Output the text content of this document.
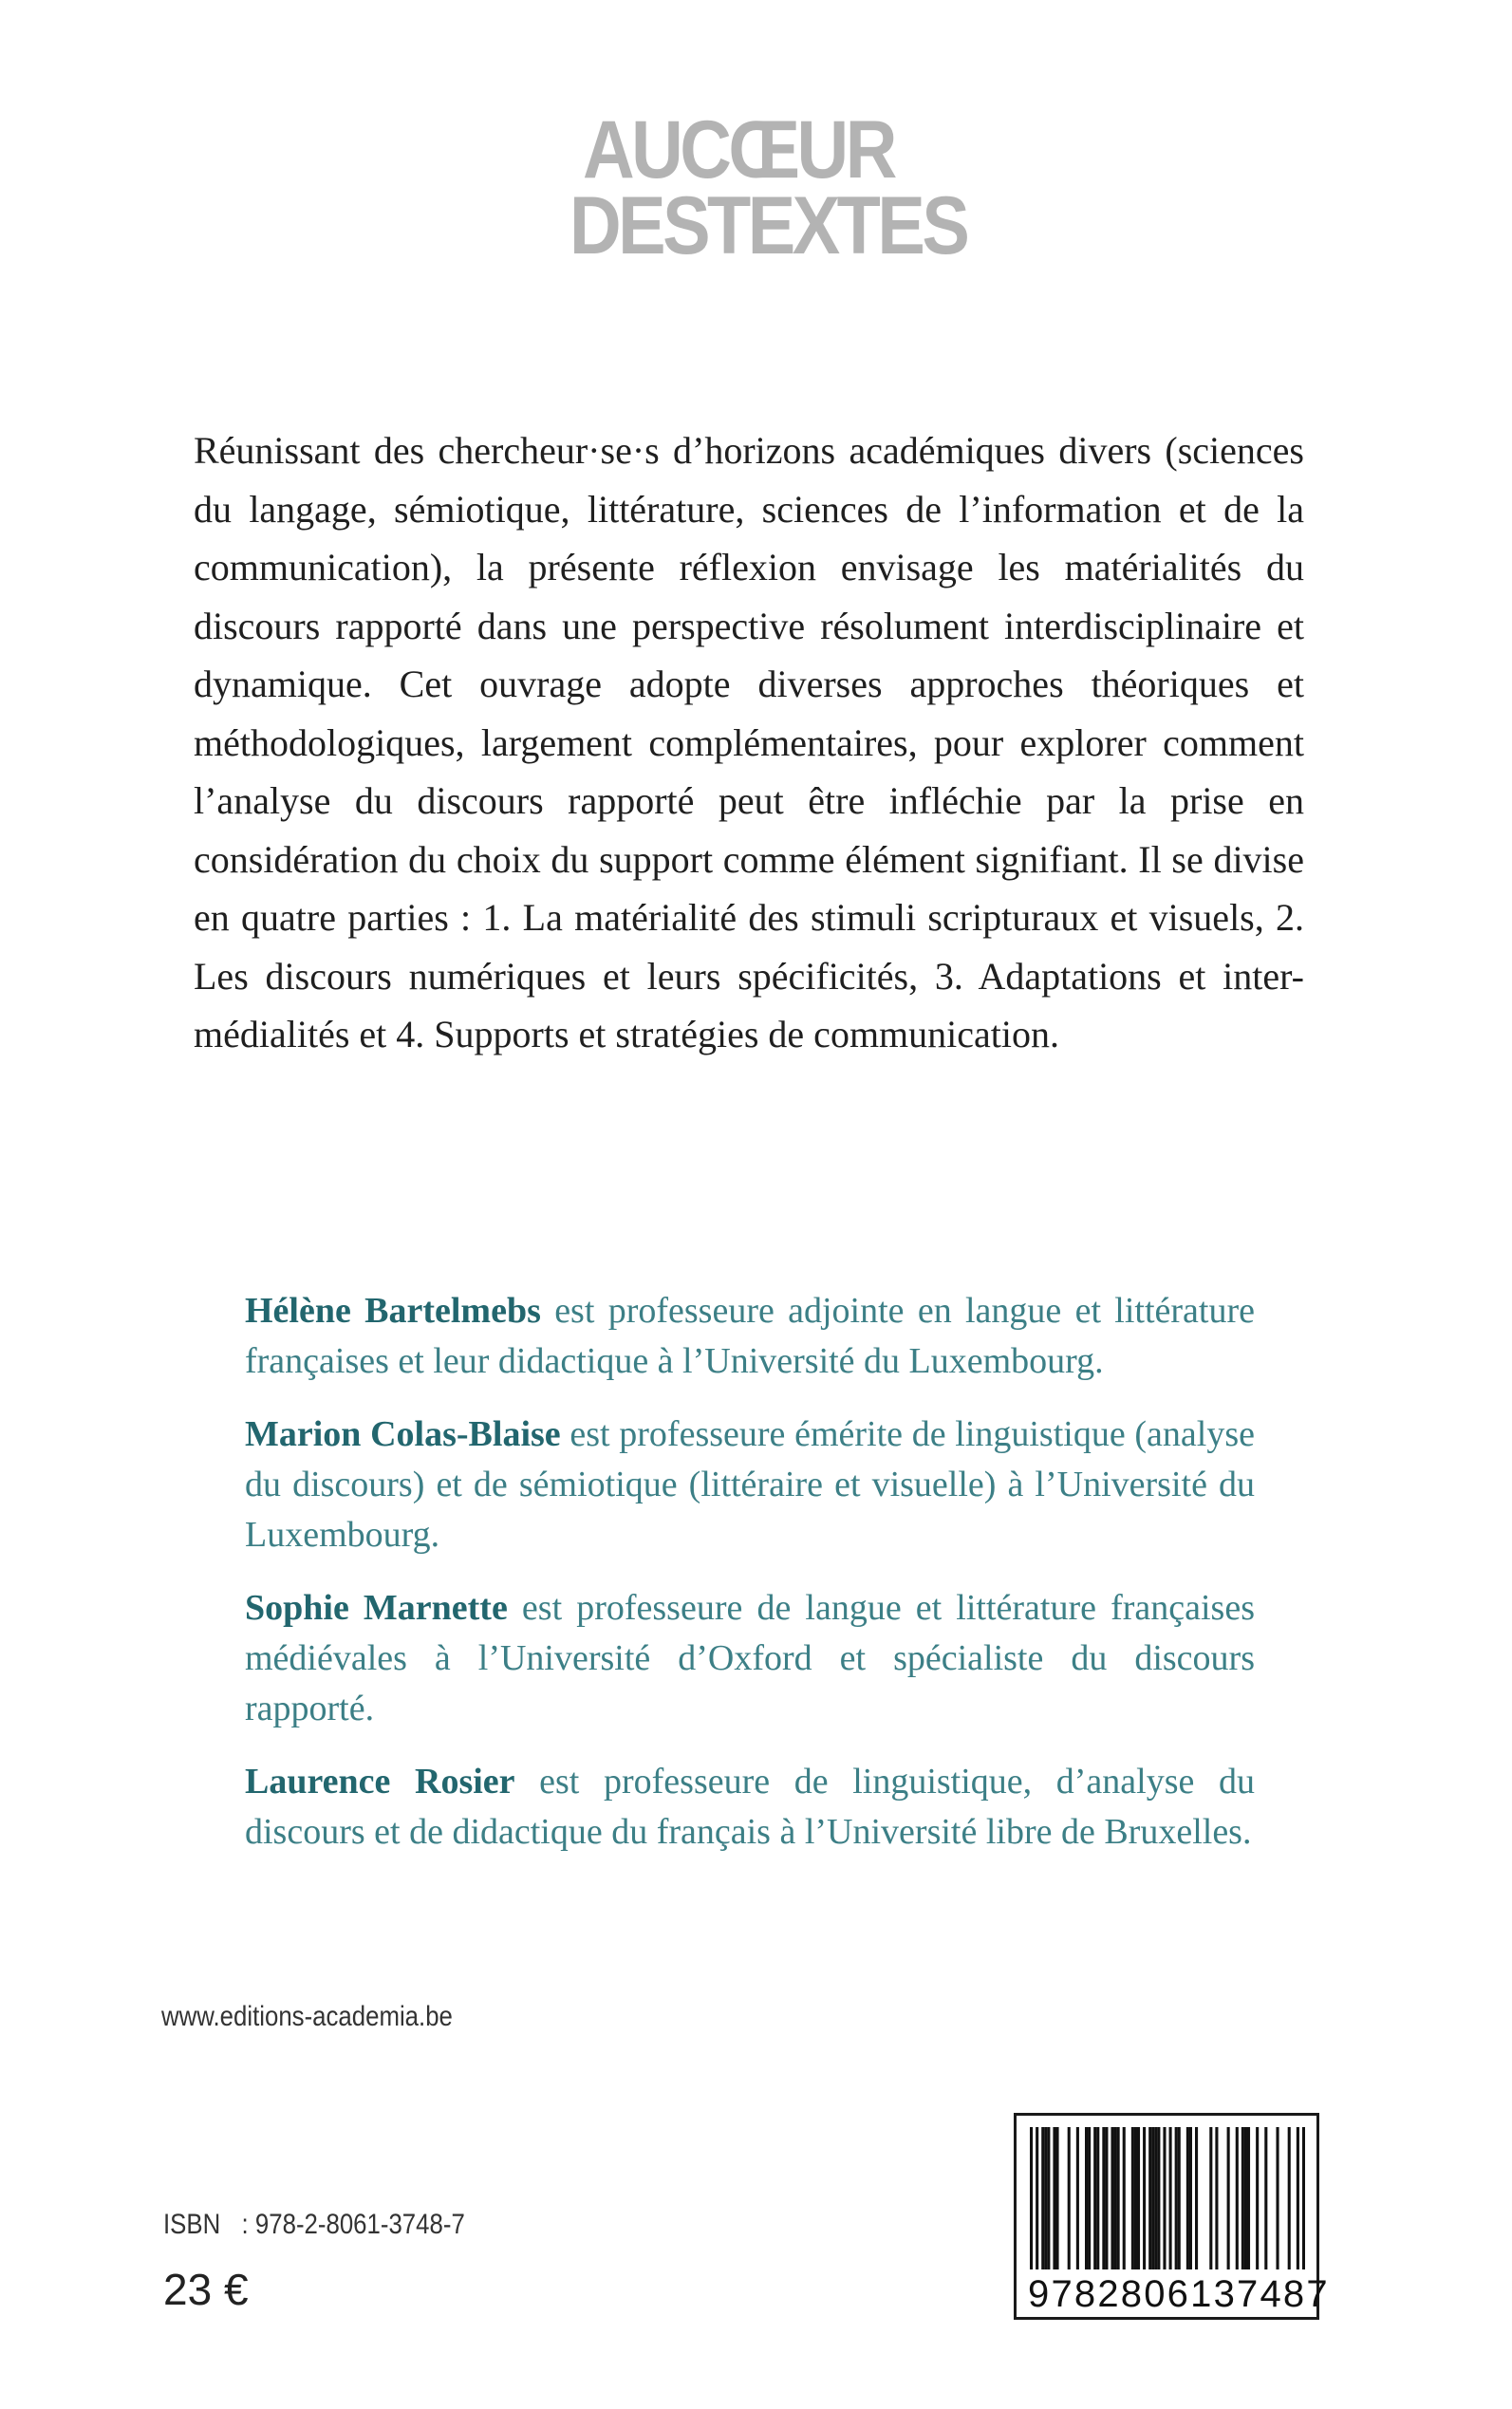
AUCŒUR
DESTEXTES

Réunissant des chercheur·se·s d’horizons académiques divers (sciences du langage, sémiotique, littérature, sciences de l’information et de la communication), la présente réflexion envisage les matérialités du discours rapporté dans une perspective résolument interdisciplinaire et dynamique. Cet ouvrage adopte diverses approches théoriques et méthodologiques, largement complémentaires, pour explorer comment l’analyse du discours rapporté peut être infléchie par la prise en considération du choix du support comme élément signifiant. Il se divise en quatre parties : 1. La matérialité des stimuli scripturaux et visuels, 2. Les discours numériques et leurs spécificités, 3. Adaptations et inter-médialités et 4. Supports et stratégies de communication.

Hélène Bartelmebs est professeure adjointe en langue et littérature françaises et leur didactique à l’Université du Luxembourg.

Marion Colas-Blaise est professeure émérite de linguistique (analyse du discours) et de sémiotique (littéraire et visuelle) à l’Université du Luxembourg.

Sophie Marnette est professeure de langue et littérature françaises médiévales à l’Université d’Oxford et spécialiste du discours rapporté.

Laurence Rosier est professeure de linguistique, d’analyse du discours et de didactique du français à l’Université libre de Bruxelles.

www.editions-academia.be
ISBN : 978-2-8061-3748-7
23 €	9782806137487
